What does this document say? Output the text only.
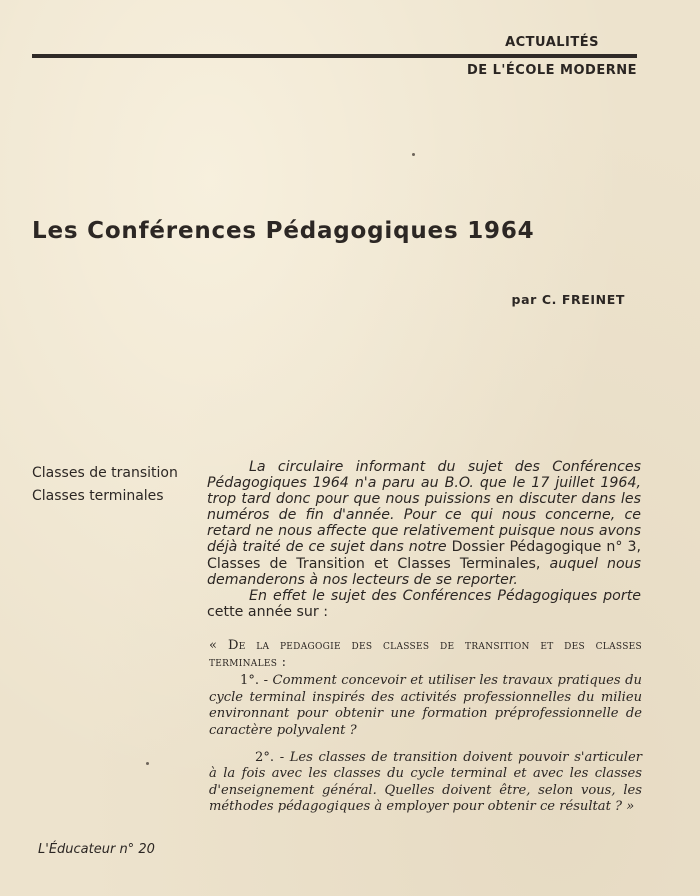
ACTUALITÉS
DE L'ÉCOLE MODERNE
Les Conférences Pédagogiques 1964
par C. FREINET
Classes de transition
Classes terminales

La circulaire informant du sujet des Conférences Pédagogiques 1964 n'a paru au B.O. que le 17 juillet 1964, trop tard donc pour que nous puissions en discuter dans les numéros de fin d'année. Pour ce qui nous concerne, ce retard ne nous affecte que relativement puisque nous avons déjà traité de ce sujet dans notre Dossier Pédagogique n° 3, Classes de Transition et Classes Terminales, auquel nous demanderons à nos lecteurs de se reporter.

En effet le sujet des Conférences Pédagogiques porte cette année sur :

« De la pedagogie des classes de transition et des classes terminales :

1°. - Comment concevoir et utiliser les travaux pratiques du cycle terminal inspirés des activités professionnelles du milieu environnant pour obtenir une formation préprofessionnelle de caractère polyvalent ?

2°. - Les classes de transition doivent pouvoir s'articuler à la fois avec les classes du cycle terminal et avec les classes d'enseignement général. Quelles doivent être, selon vous, les méthodes pédagogiques à employer pour obtenir ce résultat ? »

L'Éducateur n° 20
